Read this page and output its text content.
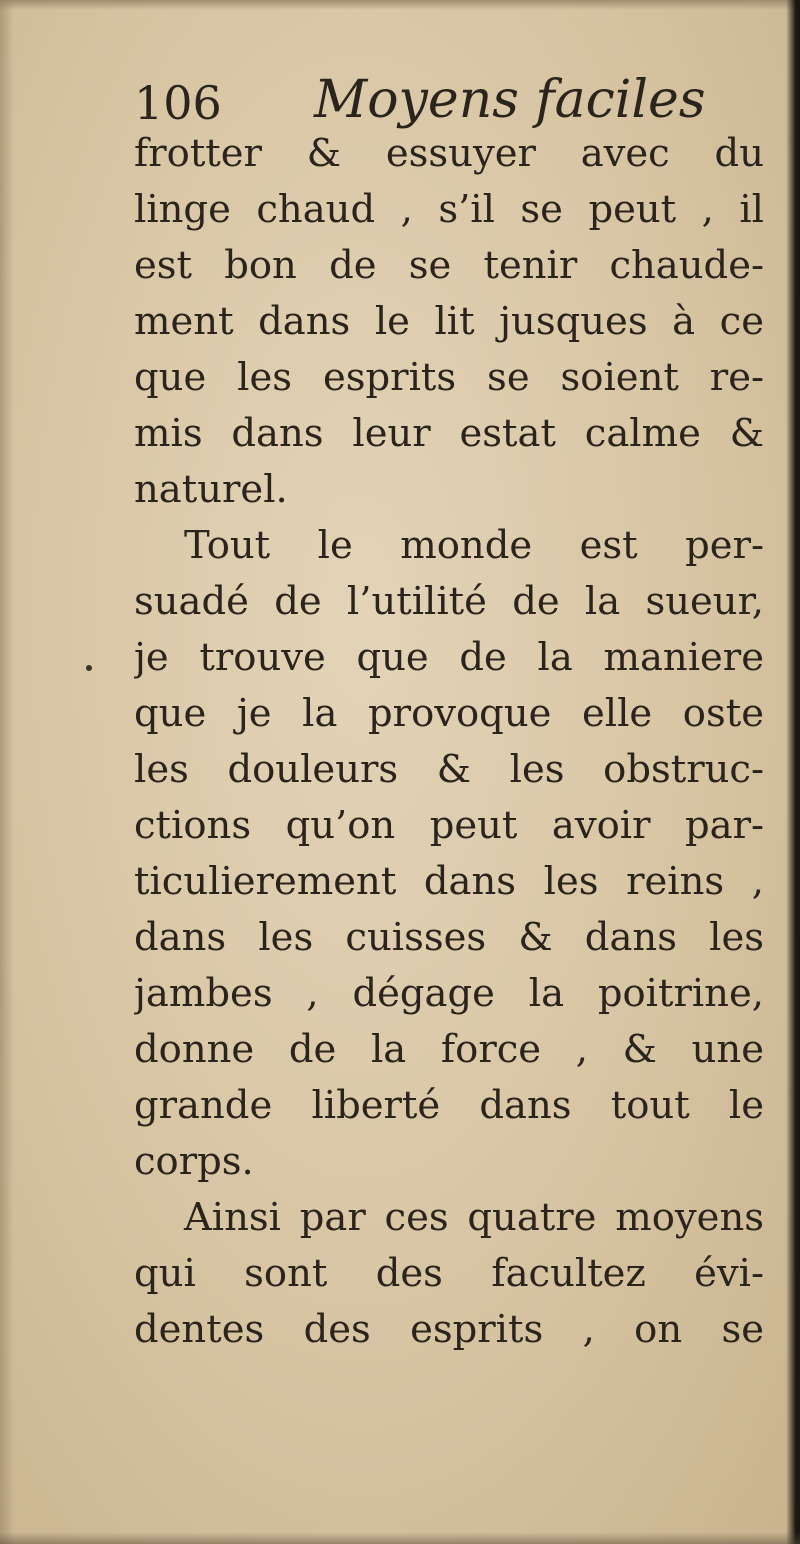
106 Moyens faciles
frotter & essuyer avec du
linge chaud , s’il se peut , il
est bon de se tenir chaude-
ment dans le lit jusques à ce
que les esprits se soient re-
mis dans leur estat calme &
naturel.
Tout le monde est per-
suadé de l’utilité de la sueur,
je trouve que de la maniere
que je la provoque elle oste
les douleurs & les obstruc-
ctions qu’on peut avoir par-
ticulierement dans les reins ,
dans les cuisses & dans les
jambes , dégage la poitrine,
donne de la force , & une
grande liberté dans tout le
corps.
Ainsi par ces quatre moyens
qui sont des facultez évi-
dentes des esprits , on se
